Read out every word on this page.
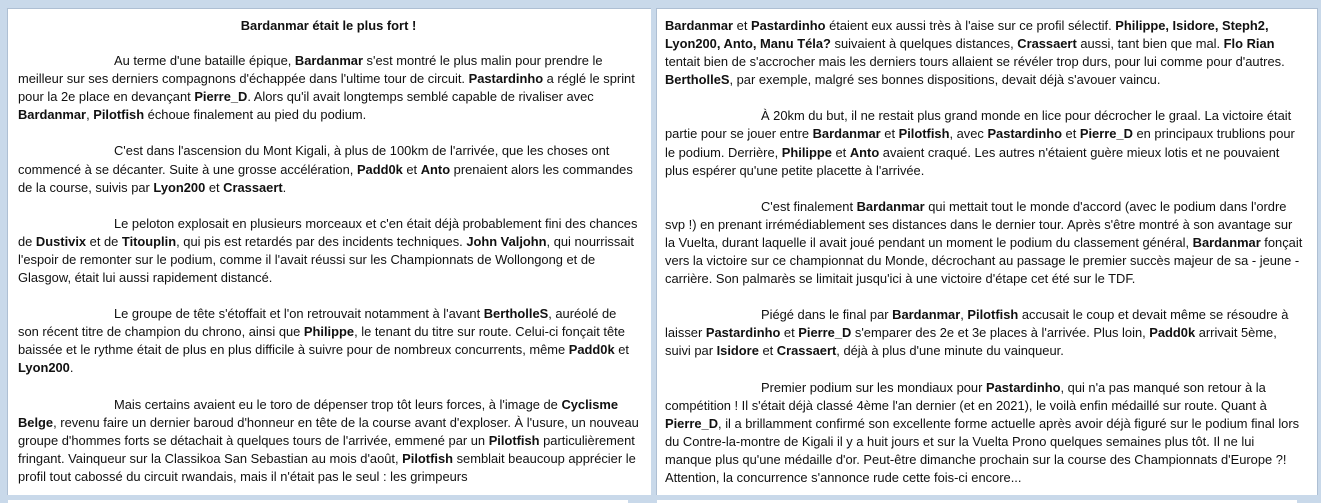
Bardanmar était le plus fort !

Au terme d'une bataille épique, Bardanmar s'est montré le plus malin pour prendre le meilleur sur ses derniers compagnons d'échappée dans l'ultime tour de circuit. Pastardinho a réglé le sprint pour la 2e place en devançant Pierre_D. Alors qu'il avait longtemps semblé capable de rivaliser avec Bardanmar, Pilotfish échoue finalement au pied du podium.

C'est dans l'ascension du Mont Kigali, à plus de 100km de l'arrivée, que les choses ont commencé à se décanter. Suite à une grosse accélération, Padd0k et Anto prenaient alors les commandes de la course, suivis par Lyon200 et Crassaert.

Le peloton explosait en plusieurs morceaux et c'en était déjà probablement fini des chances de Dustivix et de Titouplin, qui pis est retardés par des incidents techniques. John Valjohn, qui nourrissait l'espoir de remonter sur le podium, comme il l'avait réussi sur les Championnats de Wollongong et de Glasgow, était lui aussi rapidement distancé.

Le groupe de tête s'étoffait et l'on retrouvait notamment à l'avant BertholleS, auréolé de son récent titre de champion du chrono, ainsi que Philippe, le tenant du titre sur route. Celui-ci fonçait tête baissée et le rythme était de plus en plus difficile à suivre pour de nombreux concurrents, même Padd0k et Lyon200.

Mais certains avaient eu le toro de dépenser trop tôt leurs forces, à l'image de Cyclisme Belge, revenu faire un dernier baroud d'honneur en tête de la course avant d'exploser. À l'usure, un nouveau groupe d'hommes forts se détachait à quelques tours de l'arrivée, emmené par un Pilotfish particulièrement fringant. Vainqueur sur la Classikoa San Sebastian au mois d'août, Pilotfish semblait beaucoup apprécier le profil tout cabossé du circuit rwandais, mais il n'était pas le seul : les grimpeurs

Bardanmar et Pastardinho étaient eux aussi très à l'aise sur ce profil sélectif. Philippe, Isidore, Steph2, Lyon200, Anto, Manu Téla? suivaient à quelques distances, Crassaert aussi, tant bien que mal. Flo Rian tentait bien de s'accrocher mais les derniers tours allaient se révéler trop durs, pour lui comme pour d'autres. BertholleS, par exemple, malgré ses bonnes dispositions, devait déjà s'avouer vaincu.

À 20km du but, il ne restait plus grand monde en lice pour décrocher le graal. La victoire était partie pour se jouer entre Bardanmar et Pilotfish, avec Pastardinho et Pierre_D en principaux trublions pour le podium. Derrière, Philippe et Anto avaient craqué. Les autres n'étaient guère mieux lotis et ne pouvaient plus espérer qu'une petite placette à l'arrivée.

C'est finalement Bardanmar qui mettait tout le monde d'accord (avec le podium dans l'ordre svp !) en prenant irrémédiablement ses distances dans le dernier tour. Après s'être montré à son avantage sur la Vuelta, durant laquelle il avait joué pendant un moment le podium du classement général, Bardanmar fonçait vers la victoire sur ce championnat du Monde, décrochant au passage le premier succès majeur de sa - jeune - carrière. Son palmarès se limitait jusqu'ici à une victoire d'étape cet été sur le TDF.

Piégé dans le final par Bardanmar, Pilotfish accusait le coup et devait même se résoudre à laisser Pastardinho et Pierre_D s'emparer des 2e et 3e places à l'arrivée. Plus loin, Padd0k arrivait 5ème, suivi par Isidore et Crassaert, déjà à plus d'une minute du vainqueur.

Premier podium sur les mondiaux pour Pastardinho, qui n'a pas manqué son retour à la compétition ! Il s'était déjà classé 4ème l'an dernier (et en 2021), le voilà enfin médaillé sur route. Quant à Pierre_D, il a brillamment confirmé son excellente forme actuelle après avoir déjà figuré sur le podium final lors du Contre-la-montre de Kigali il y a huit jours et sur la Vuelta Prono quelques semaines plus tôt. Il ne lui manque plus qu'une médaille d'or. Peut-être dimanche prochain sur la course des Championnats d'Europe ?! Attention, la concurrence s'annonce rude cette fois-ci encore...
